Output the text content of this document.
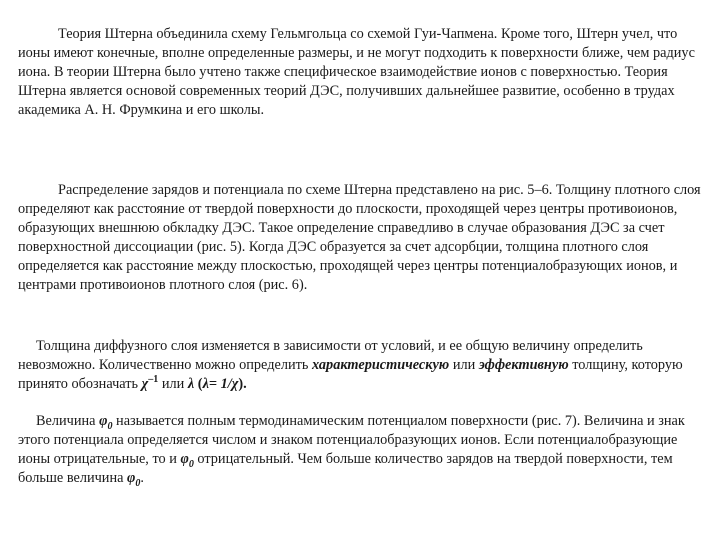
Теория Штерна объединила схему Гельмгольца со схемой Гуи-Чапмена. Кроме того, Штерн учел, что ионы имеют конечные, вполне определенные размеры, и не могут подходить к поверхности ближе, чем радиус иона. В теории Штерна было учтено также специфическое взаимодействие ионов с поверхностью. Теория Штерна является основой современных теорий ДЭС, получивших дальнейшее развитие, особенно в трудах академика А. Н. Фрумкина и его школы.

Распределение зарядов и потенциала по схеме Штерна представлено на рис. 5–6. Толщину плотного слоя определяют как расстояние от твердой поверхности до плоскости, проходящей через центры противоионов, образующих внешнюю обкладку ДЭС. Такое определение справедливо в случае образования ДЭС за счет поверхностной диссоциации (рис. 5). Когда ДЭС образуется за счет адсорбции, толщина плотного слоя определяется как расстояние между плоскостью, проходящей через центры потенциалобразующих ионов, и центрами противоионов плотного слоя (рис. 6).

Толщина диффузного слоя изменяется в зависимости от условий, и ее общую величину определить невозможно. Количественно можно определить характеристическую или эффективную толщину, которую принято обозначать $\chi^{-1}$ или λ (λ= 1/χ).

Величина $\varphi_0$ называется полным термодинамическим потенциалом поверхности (рис. 7). Величина и знак этого потенциала определяется числом и знаком потенциалобразующих ионов. Если потенциалобразующие ионы отрицательные, то и $\varphi_0$ отрицательный. Чем больше количество зарядов на твердой поверхности, тем больше величина $\varphi_0$.
